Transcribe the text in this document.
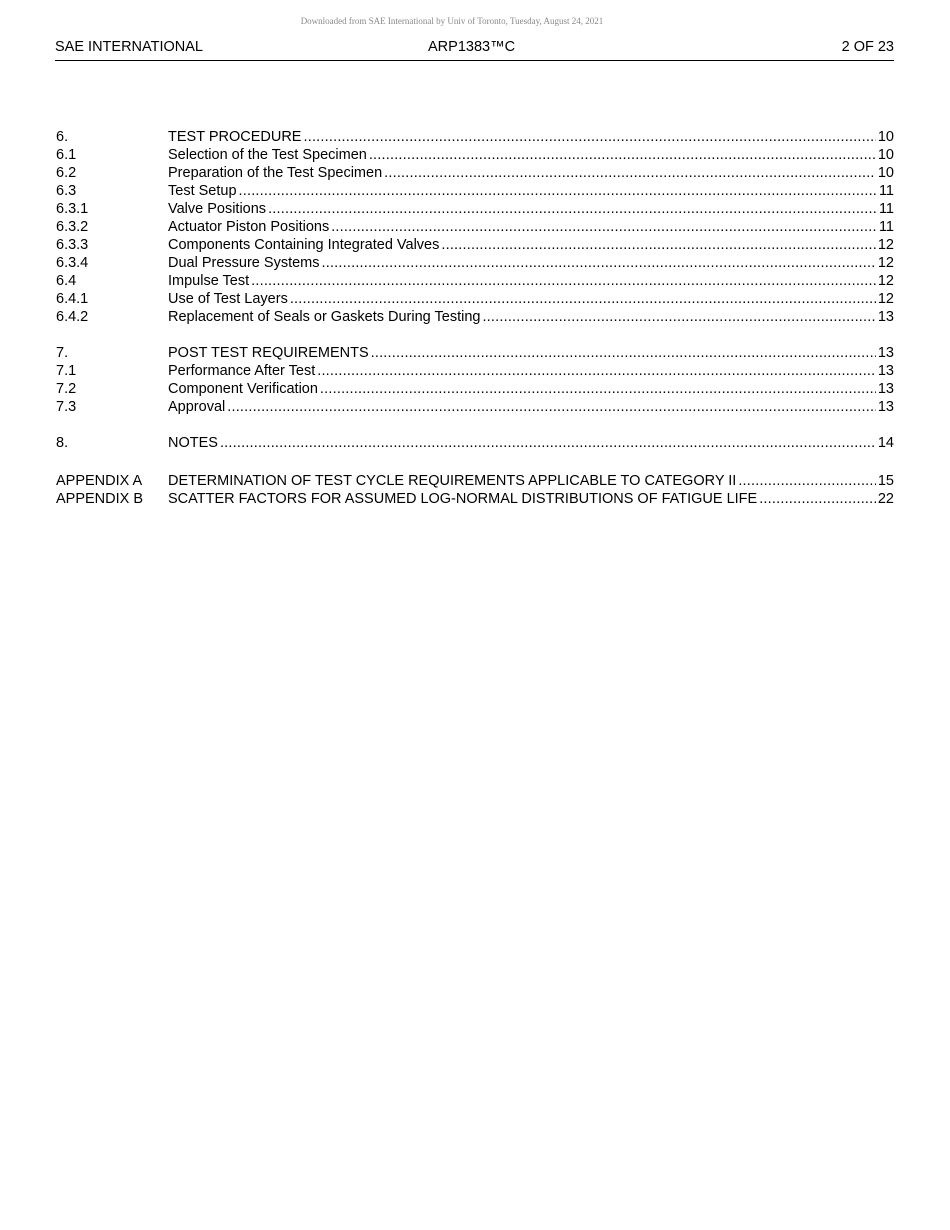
Downloaded from SAE International by Univ of Toronto, Tuesday, August 24, 2021
SAE INTERNATIONAL	ARP1383™C	2 OF 23
6.	TEST PROCEDURE .....	10
6.1	Selection of the Test Specimen .....	10
6.2	Preparation of the Test Specimen .....	10
6.3	Test Setup .....	11
6.3.1	Valve Positions .....	11
6.3.2	Actuator Piston Positions .....	11
6.3.3	Components Containing Integrated Valves .....	12
6.3.4	Dual Pressure Systems .....	12
6.4	Impulse Test .....	12
6.4.1	Use of Test Layers .....	12
6.4.2	Replacement of Seals or Gaskets During Testing .....	13
7.	POST TEST REQUIREMENTS .....	13
7.1	Performance After Test .....	13
7.2	Component Verification .....	13
7.3	Approval .....	13
8.	NOTES .....	14
APPENDIX A	DETERMINATION OF TEST CYCLE REQUIREMENTS APPLICABLE TO CATEGORY II .....	15
APPENDIX B	SCATTER FACTORS FOR ASSUMED LOG-NORMAL DISTRIBUTIONS OF FATIGUE LIFE .....	22
